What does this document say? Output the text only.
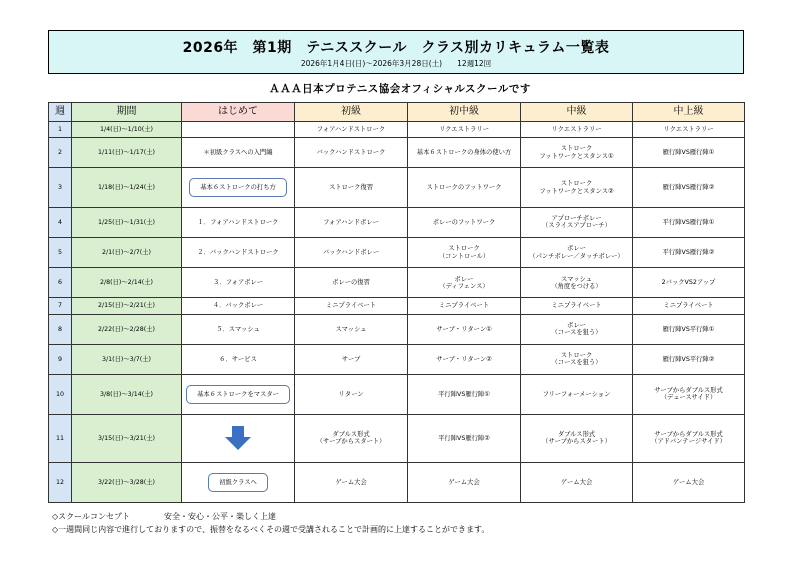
2026年　第1期　テニススクール　クラス別カリキュラム一覧表
2026年1月4日(日)～2026年3月28日(土)　　12週12回
ＡＡＡ日本プロテニス協会オフィシャルスクールです
週	期間	はじめて	初級	初中級	中級	中上級
1	1/4(日)～1/10(土)		フォアハンドストローク	リクエストラリー	リクエストラリー	リクエストラリー
2	1/11(日)～1/17(土)	＊初級クラスへの入門編	バックハンドストローク	基本６ストロークの身体の使い方	ストローク
フットワークとスタンス①	雁行陣VS雁行陣①
3	1/18(日)～1/24(土)	基本６ストロークの打ち方	ストローク復習	ストロークのフットワーク	ストローク
フットワークとスタンス②	雁行陣VS雁行陣②
4	1/25(日)～1/31(土)	１．フォアハンドストローク	フォアハンドボレー	ボレーのフットワーク	アプローチボレー
（スライスアプローチ）	平行陣VS雁行陣①
5	2/1(日)～2/7(土)	２．バックハンドストローク	バックハンドボレー	ストローク
（コントロール）	ボレー
（パンチボレー／タッチボレー）	平行陣VS雁行陣②
6	2/8(日)～2/14(土)	３．フォアボレー	ボレーの復習	ボレー
（ディフェンス）	スマッシュ
（角度をつける）	2バックVS2アップ
7	2/15(日)～2/21(土)	４．バックボレー	ミニプライベート	ミニプライベート	ミニプライベート	ミニプライベート
8	2/22(日)～2/28(土)	５．スマッシュ	スマッシュ	サーブ・リターン①	ボレー
（コースを狙う）	雁行陣VS平行陣①
9	3/1(日)～3/7(土)	６．サービス	サーブ	サーブ・リターン②	ストローク
（コースを狙う）	雁行陣VS平行陣②
10	3/8(日)～3/14(土)	基本６ストロークをマスター	リターン	平行陣VS雁行陣①	フリーフォーメーション	サーブからダブルス形式
（デュースサイド）
11	3/15(日)～3/21(土)		ダブルス形式
（サーブからスタート）	平行陣VS雁行陣②	ダブルス形式
（サーブからスタート）	サーブからダブルス形式
（アドバンテージサイド）
12	3/22(日)～3/28(土)	初級クラスへ	ゲーム大会	ゲーム大会	ゲーム大会	ゲーム大会
◇スクールコンセプト	安全・安心・公平・楽しく上達
◇一週間同じ内容で進行しておりますので、振替をなるべくその週で受講されることで計画的に上達することができます。
